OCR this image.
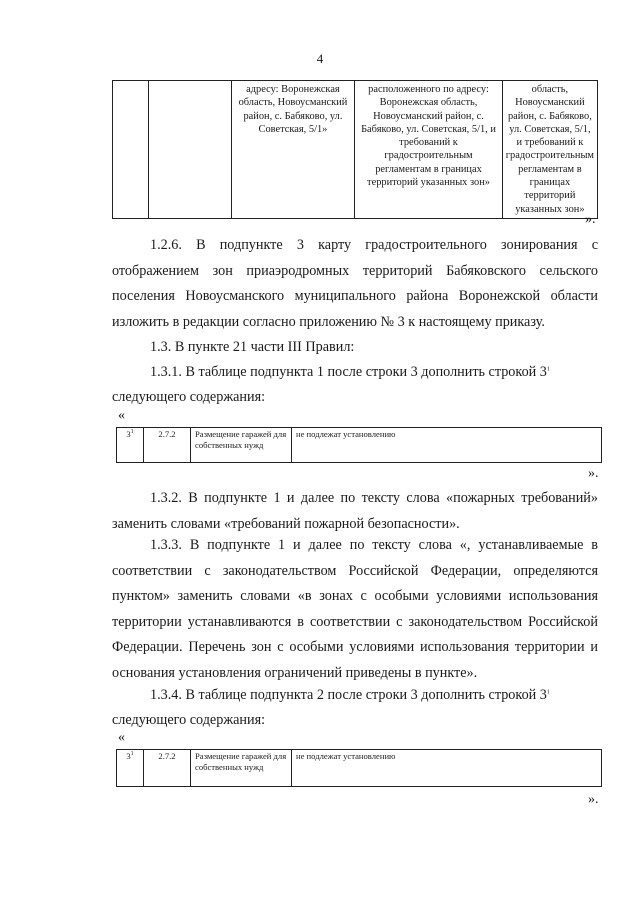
4
		адресу: Воронежская область, Новоусманский район, с. Бабяково, ул. Советская, 5/1»	расположенного по адресу: Воронежская область, Новоусманский район, с. Бабяково, ул. Советская, 5/1, и требований к градостроительным регламентам в границах территорий указанных зон»	область, Новоусманский район, с. Бабяково, ул. Советская, 5/1, и требований к градостроительным регламентам в границах территорий указанных зон»
».
1.2.6. В подпункте 3 карту градостроительного зонирования с отображением зон приаэродромных территорий Бабяковского сельского поселения Новоусманского муниципального района Воронежской области изложить в редакции согласно приложению № 3 к настоящему приказу.
1.3. В пункте 21 части III Правил:
1.3.1. В таблице подпункта 1 после строки 3 дополнить строкой $3^1$
следующего содержания:
«
$3^1$	2.7.2	Размещение гаражей для собственных нужд	не подлежат установлению
».
1.3.2. В подпункте 1 и далее по тексту слова «пожарных требований» заменить словами «требований пожарной безопасности».
1.3.3. В подпункте 1 и далее по тексту слова «, устанавливаемые в соответствии с законодательством Российской Федерации, определяются пунктом» заменить словами «в зонах с особыми условиями использования территории устанавливаются в соответствии с законодательством Российской Федерации. Перечень зон с особыми условиями использования территории и основания установления ограничений приведены в пункте».
1.3.4. В таблице подпункта 2 после строки 3 дополнить строкой $3^1$
следующего содержания:
«
$3^1$	2.7.2	Размещение гаражей для собственных нужд	не подлежат установлению
».
